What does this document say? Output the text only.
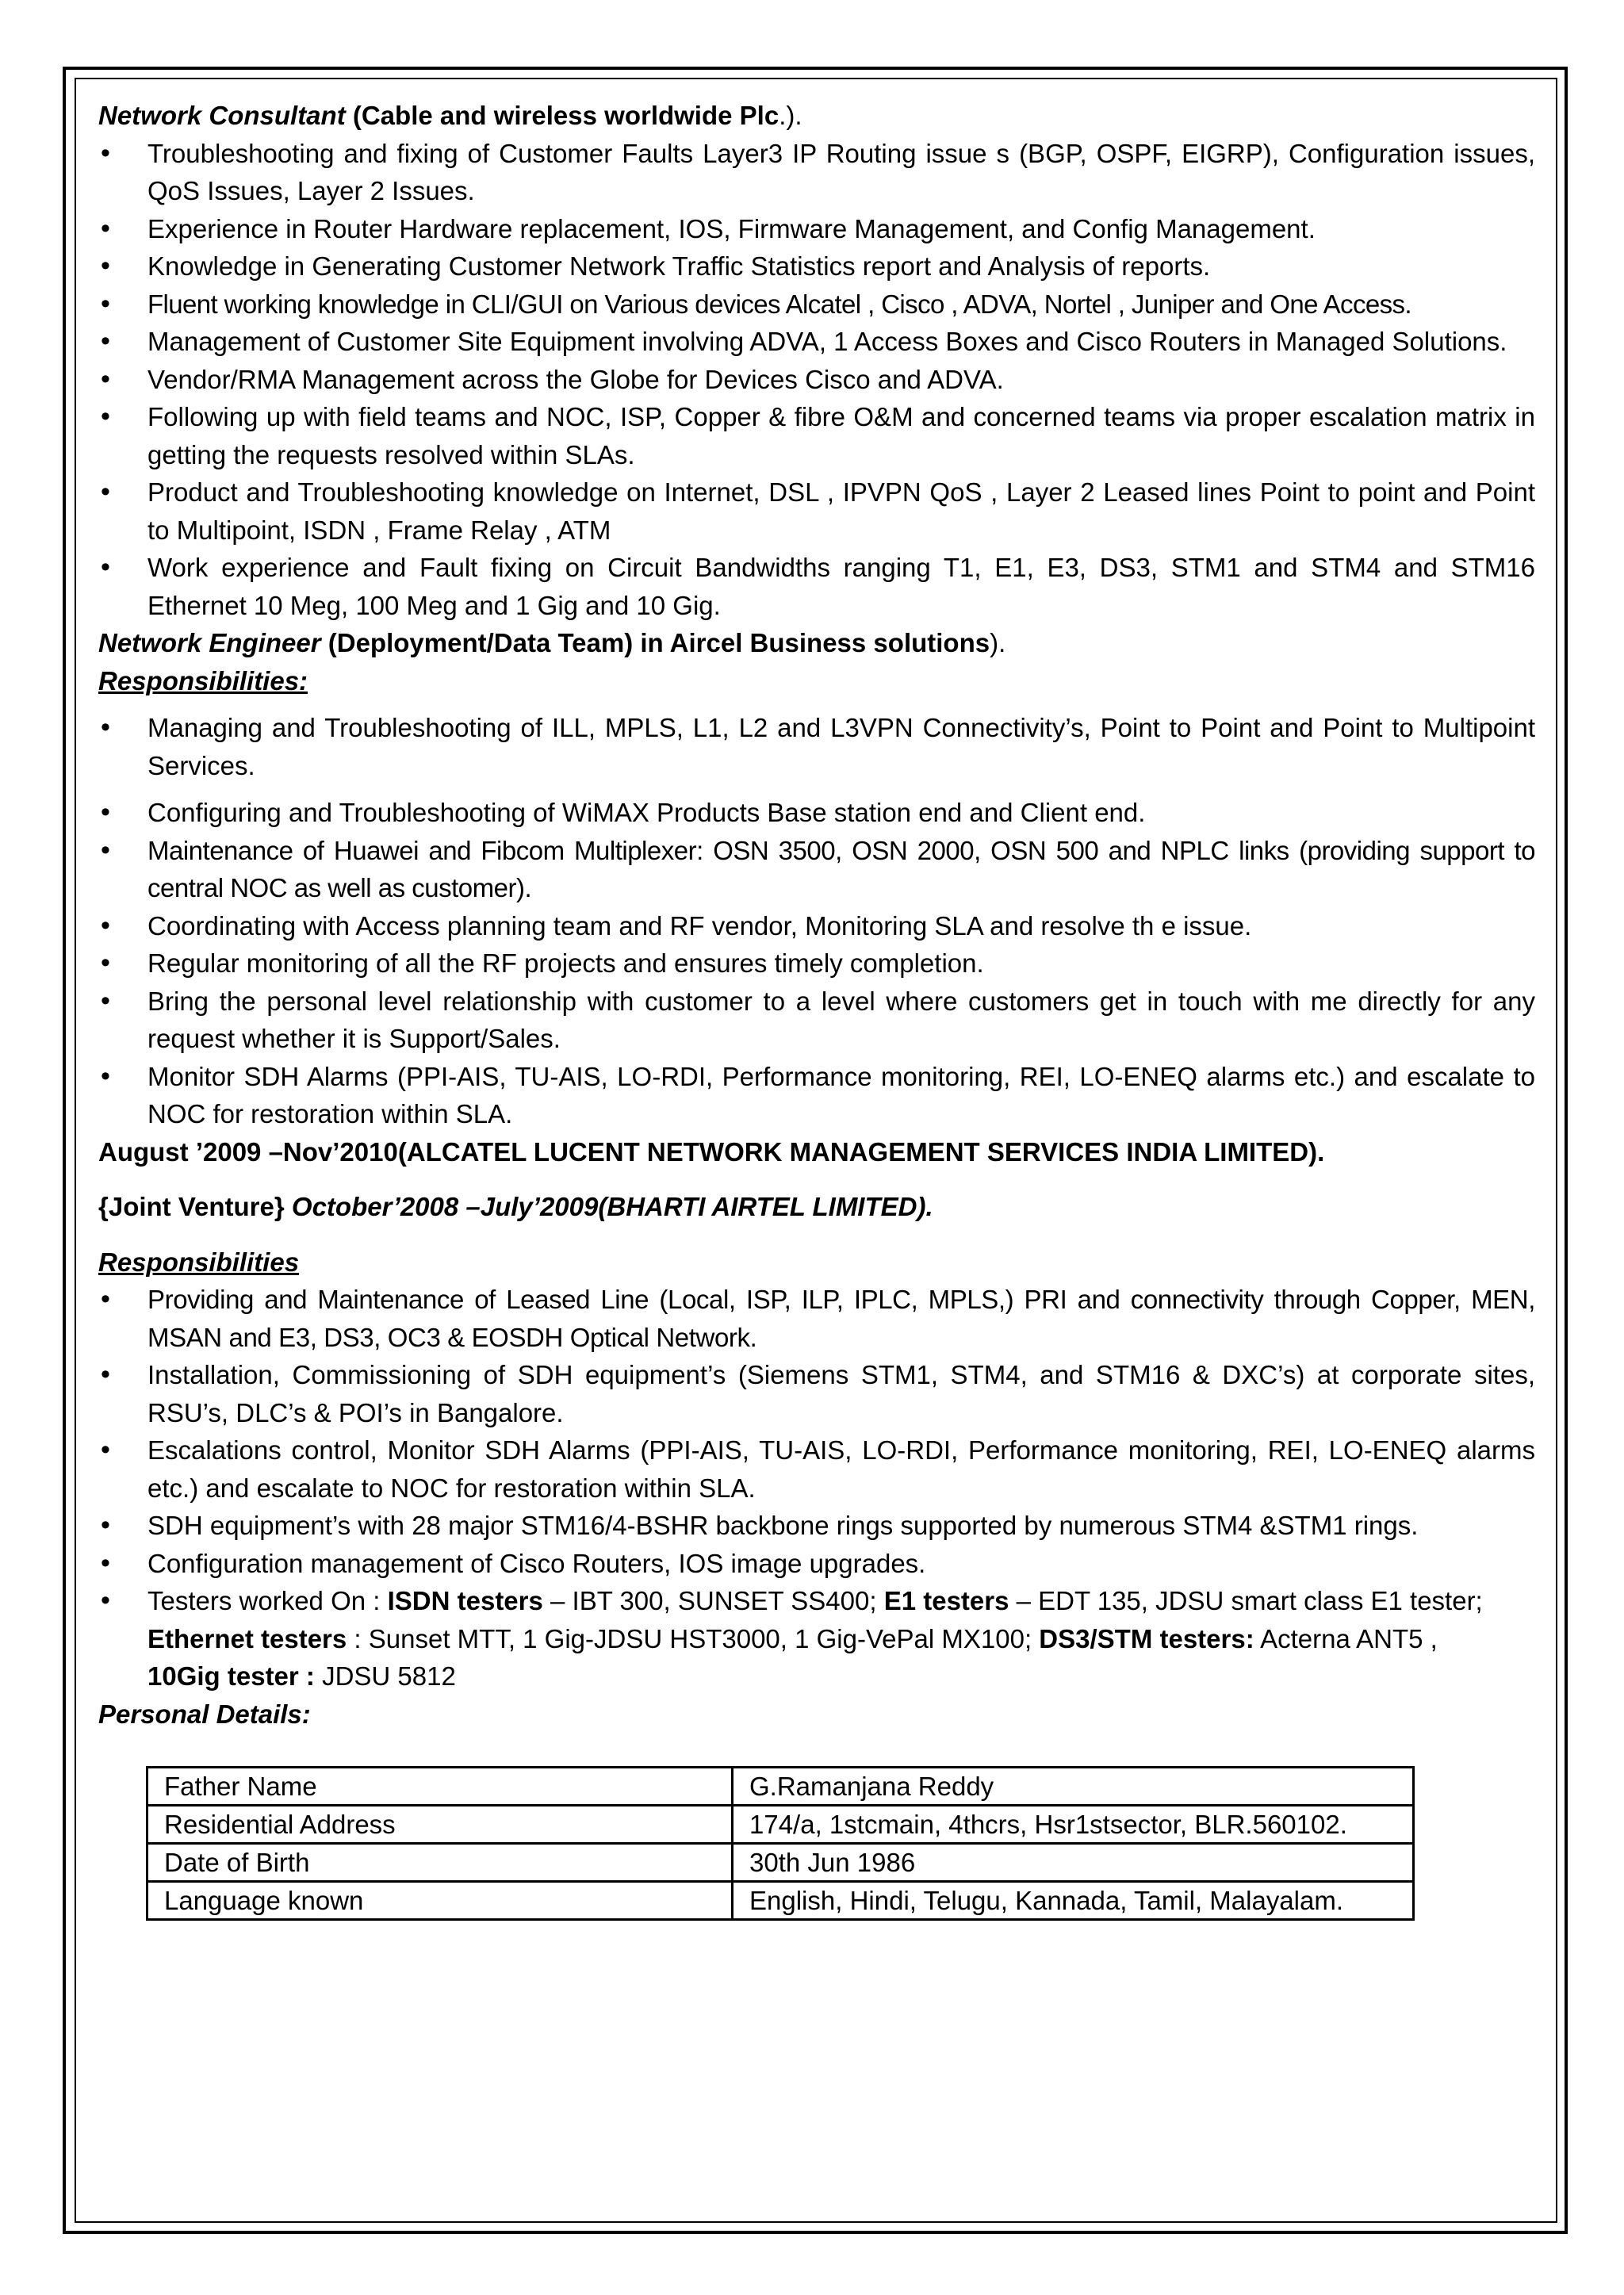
Network Consultant (Cable and wireless worldwide Plc.).
• Troubleshooting and fixing of Customer Faults Layer3 IP Routing issue s (BGP, OSPF, EIGRP), Configuration issues, QoS Issues, Layer 2 Issues.
• Experience in Router Hardware replacement, IOS, Firmware Management, and Config Management.
• Knowledge in Generating Customer Network Traffic Statistics report and Analysis of reports.
• Fluent working knowledge in CLI/GUI on Various devices Alcatel , Cisco , ADVA, Nortel , Juniper and One Access.
• Management of Customer Site Equipment involving ADVA, 1 Access Boxes and Cisco Routers in Managed Solutions.
• Vendor/RMA Management across the Globe for Devices Cisco and ADVA.
• Following up with field teams and NOC, ISP, Copper & fibre O&M and concerned teams via proper escalation matrix in getting the requests resolved within SLAs.
• Product and Troubleshooting knowledge on Internet, DSL , IPVPN QoS , Layer 2 Leased lines Point to point and Point to Multipoint, ISDN , Frame Relay , ATM
• Work experience and Fault fixing on Circuit Bandwidths ranging T1, E1, E3, DS3, STM1 and STM4 and STM16 Ethernet 10 Meg, 100 Meg and 1 Gig and 10 Gig.
Network Engineer (Deployment/Data Team) in Aircel Business solutions).
Responsibilities:
• Managing and Troubleshooting of ILL, MPLS, L1, L2 and L3VPN Connectivity’s, Point to Point and Point to Multipoint Services.
• Configuring and Troubleshooting of WiMAX Products Base station end and Client end.
• Maintenance of Huawei and Fibcom Multiplexer: OSN 3500, OSN 2000, OSN 500 and NPLC links (providing support to central NOC as well as customer).
• Coordinating with Access planning team and RF vendor, Monitoring SLA and resolve th e issue.
• Regular monitoring of all the RF projects and ensures timely completion.
• Bring the personal level relationship with customer to a level where customers get in touch with me directly for any request whether it is Support/Sales.
• Monitor SDH Alarms (PPI-AIS, TU-AIS, LO-RDI, Performance monitoring, REI, LO-ENEQ alarms etc.) and escalate to NOC for restoration within SLA.
August ’2009 –Nov’2010(ALCATEL LUCENT NETWORK MANAGEMENT SERVICES INDIA LIMITED).
{Joint Venture} October’2008 –July’2009(BHARTI AIRTEL LIMITED).
Responsibilities
• Providing and Maintenance of Leased Line (Local, ISP, ILP, IPLC, MPLS,) PRI and connectivity through Copper, MEN, MSAN and E3, DS3, OC3 & EOSDH Optical Network.
• Installation, Commissioning of SDH equipment’s (Siemens STM1, STM4, and STM16 & DXC’s) at corporate sites, RSU’s, DLC’s & POI’s in Bangalore.
• Escalations control, Monitor SDH Alarms (PPI-AIS, TU-AIS, LO-RDI, Performance monitoring, REI, LO-ENEQ alarms etc.) and escalate to NOC for restoration within SLA.
• SDH equipment’s with 28 major STM16/4-BSHR backbone rings supported by numerous STM4 &STM1 rings.
• Configuration management of Cisco Routers, IOS image upgrades.
• Testers worked On : ISDN testers – IBT 300, SUNSET SS400; E1 testers – EDT 135, JDSU smart class E1 tester;
Ethernet testers : Sunset MTT, 1 Gig-JDSU HST3000, 1 Gig-VePal MX100; DS3/STM testers: Acterna ANT5 ,
10Gig tester : JDSU 5812
Personal Details:
Father Name	G.Ramanjana Reddy
Residential Address	174/a, 1stcmain, 4thcrs, Hsr1stsector, BLR.560102.
Date of Birth	30th Jun 1986
Language known	English, Hindi, Telugu, Kannada, Tamil, Malayalam.
